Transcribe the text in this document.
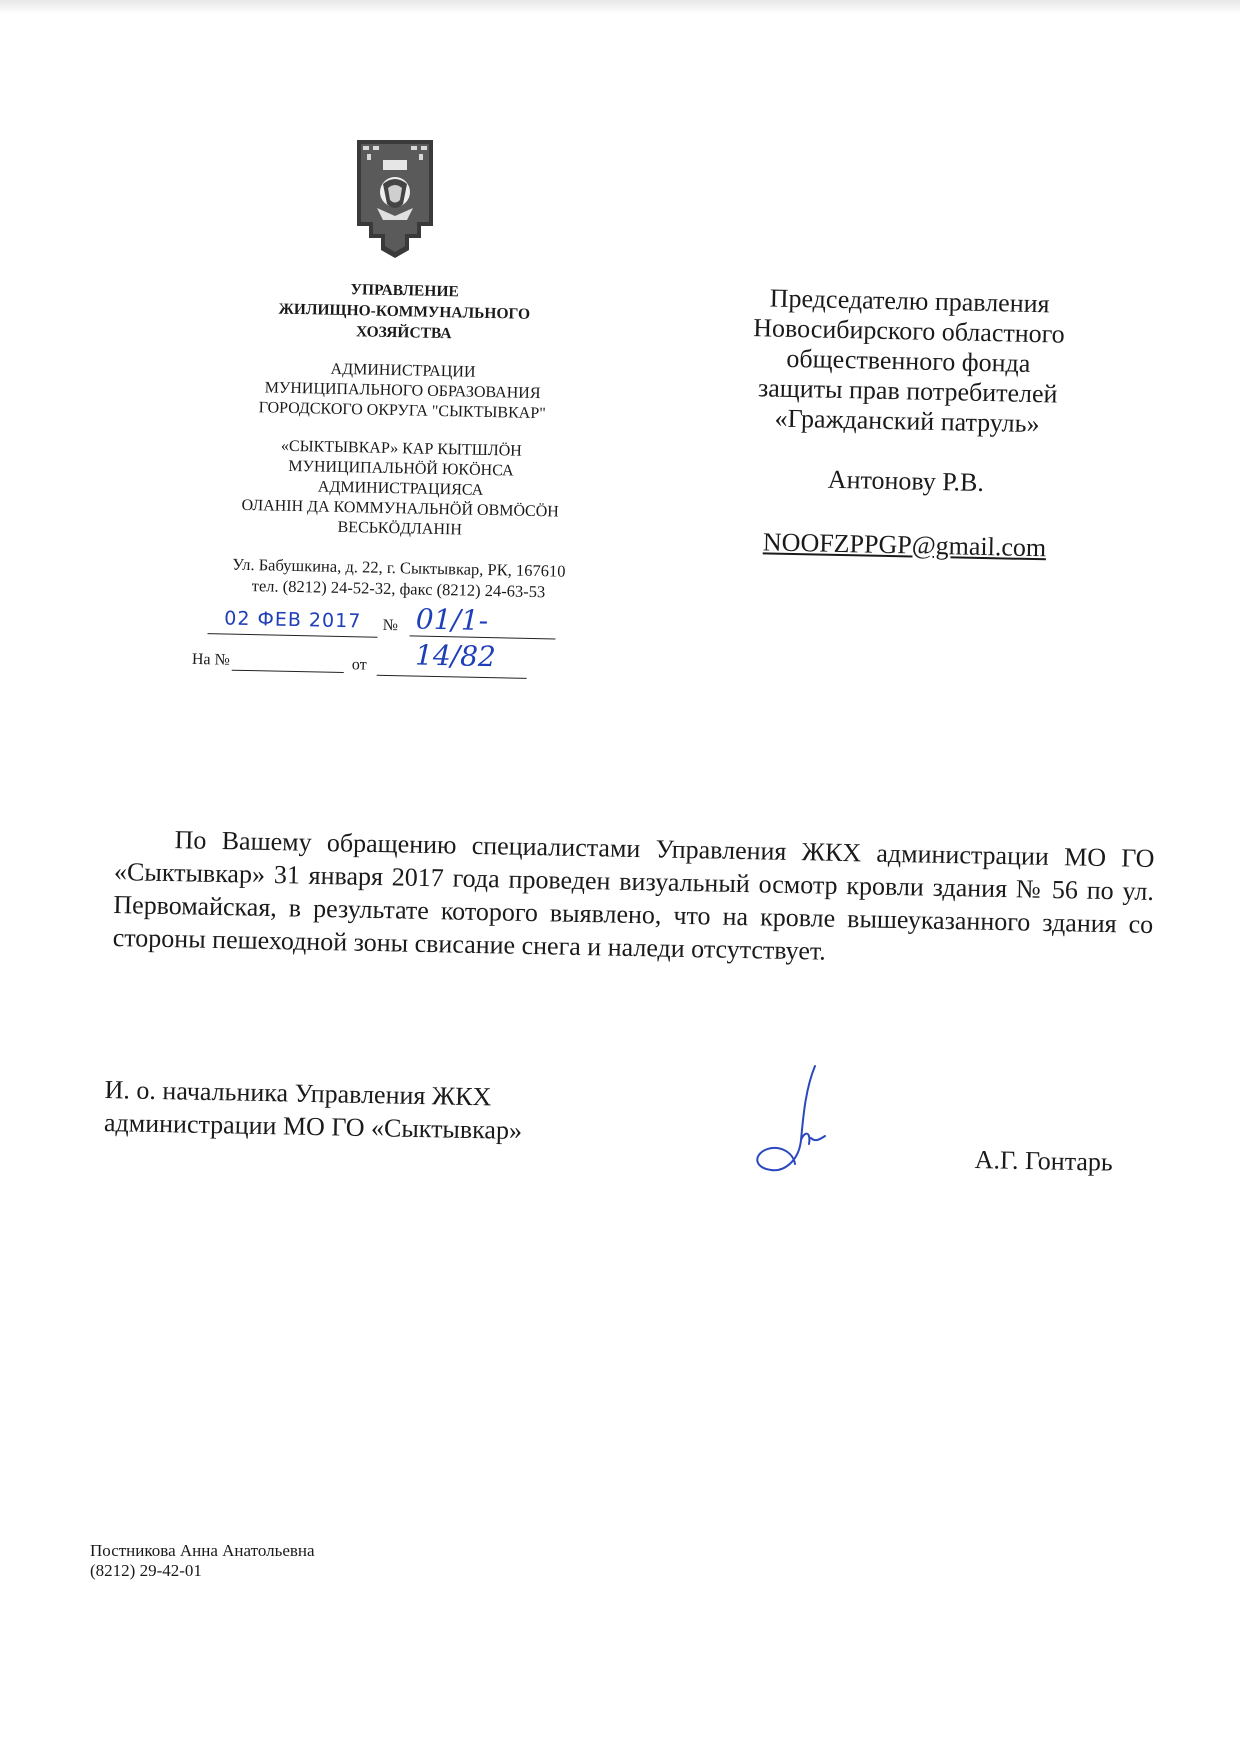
УПРАВЛЕНИЕ
ЖИЛИЩНО-КОММУНАЛЬНОГО
ХОЗЯЙСТВА
АДМИНИСТРАЦИИ
МУНИЦИПАЛЬНОГО ОБРАЗОВАНИЯ
ГОРОДСКОГО ОКРУГА "СЫКТЫВКАР"
«СЫКТЫВКАР» КАР КЫТШЛӦН
МУНИЦИПАЛЬНӦЙ ЮКӦНСА
АДМИНИСТРАЦИЯСА
ОЛАНIН ДА КОММУНАЛЬНӦЙ ОВМӦСӦН
ВЕСЬКӦДЛАНIН
Ул. Бабушкина, д. 22, г. Сыктывкар, РК, 167610
тел. (8212) 24-52-32, факс (8212) 24-63-53
02 ФЕВ 2017	№ 01/1-14/82
На №	от
Председателю правления
Новосибирского областного
общественного фонда
защиты прав потребителей
«Гражданский патруль»
Антонову Р.В.
NOOFZPPGP@gmail.com

По Вашему обращению специалистами Управления ЖКХ администрации МО ГО «Сыктывкар» 31 января 2017 года проведен визуальный осмотр кровли здания № 56 по ул. Первомайская, в результате которого выявлено, что на кровле вышеуказанного здания со стороны пешеходной зоны свисание снега и наледи отсутствует.

И. о. начальника Управления ЖКХ
администрации МО ГО «Сыктывкар»
А.Г. Гонтарь
Постникова Анна Анатольевна
(8212) 29-42-01
